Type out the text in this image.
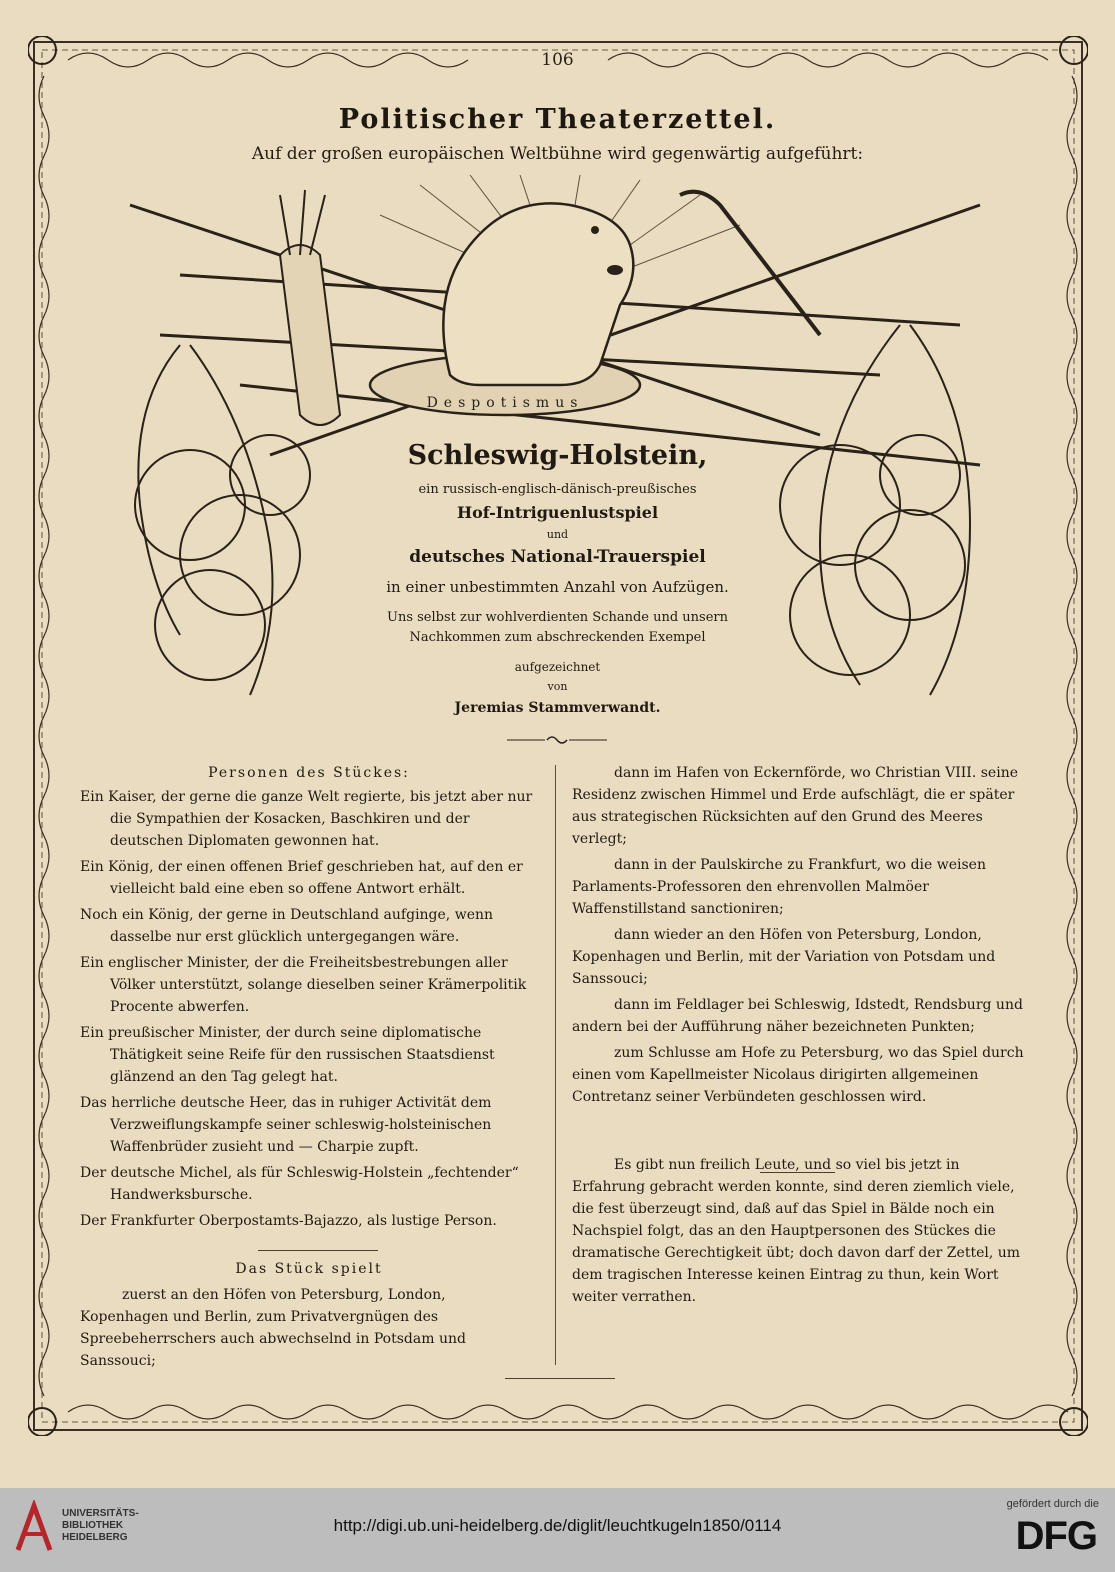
106
Politischer Theaterzettel.
Auf der großen europäischen Weltbühne wird gegenwärtig aufgeführt:
Despotismus
Schleswig-Holstein,
ein russisch-englisch-dänisch-preußisches
Hof-Intriguenlustspiel
und
deutsches National-Trauerspiel
in einer unbestimmten Anzahl von Aufzügen.
Uns selbst zur wohlverdienten Schande und unsern
Nachkommen zum abschreckenden Exempel
aufgezeichnet
von
Jeremias Stammverwandt.

Personen des Stückes:

Ein Kaiser, der gerne die ganze Welt regierte, bis jetzt aber nur die Sympathien der Kosacken, Baschkiren und der deutschen Diplomaten gewonnen hat.

Ein König, der einen offenen Brief geschrieben hat, auf den er vielleicht bald eine eben so offene Antwort erhält.

Noch ein König, der gerne in Deutschland aufginge, wenn dasselbe nur erst glücklich untergegangen wäre.

Ein englischer Minister, der die Freiheitsbestrebungen aller Völker unterstützt, solange dieselben seiner Krämerpolitik Procente abwerfen.

Ein preußischer Minister, der durch seine diplomatische Thätigkeit seine Reife für den russischen Staatsdienst glänzend an den Tag gelegt hat.

Das herrliche deutsche Heer, das in ruhiger Activität dem Verzweiflungskampfe seiner schleswig-holsteinischen Waffenbrüder zusieht und — Charpie zupft.

Der deutsche Michel, als für Schleswig-Holstein „fechtender“ Handwerksbursche.

Der Frankfurter Oberpostamts-Bajazzo, als lustige Person.

Das Stück spielt

zuerst an den Höfen von Petersburg, London, Kopenhagen und Berlin, zum Privatvergnügen des Spreebeherrschers auch abwechselnd in Potsdam und Sanssouci;

dann im Hafen von Eckernförde, wo Christian VIII. seine Residenz zwischen Himmel und Erde aufschlägt, die er später aus strategischen Rücksichten auf den Grund des Meeres verlegt;

dann in der Paulskirche zu Frankfurt, wo die weisen Parlaments-Professoren den ehrenvollen Malmöer Waffenstillstand sanctioniren;

dann wieder an den Höfen von Petersburg, London, Kopenhagen und Berlin, mit der Variation von Potsdam und Sanssouci;

dann im Feldlager bei Schleswig, Idstedt, Rendsburg und andern bei der Aufführung näher bezeichneten Punkten;

zum Schlusse am Hofe zu Petersburg, wo das Spiel durch einen vom Kapellmeister Nicolaus dirigirten allgemeinen Contretanz seiner Verbündeten geschlossen wird.

Es gibt nun freilich Leute, und so viel bis jetzt in Erfahrung gebracht werden konnte, sind deren ziemlich viele, die fest überzeugt sind, daß auf das Spiel in Bälde noch ein Nachspiel folgt, das an den Hauptpersonen des Stückes die dramatische Gerechtigkeit übt; doch davon darf der Zettel, um dem tragischen Interesse keinen Eintrag zu thun, kein Wort weiter verrathen.

UNIVERSITÄTS-
BIBLIOTHEK
HEIDELBERG
http://digi.ub.uni-heidelberg.de/diglit/leuchtkugeln1850/0114
gefördert durch die
DFG
